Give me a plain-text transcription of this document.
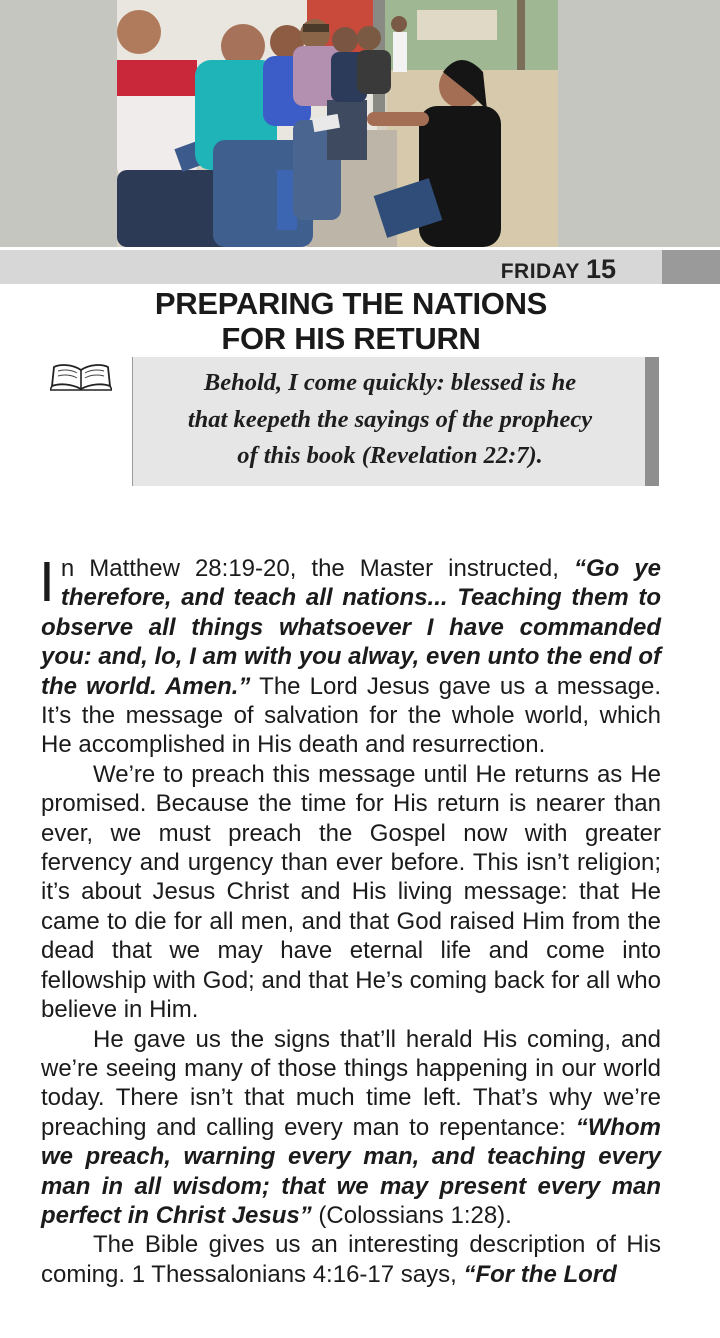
FRIDAY 15
PREPARING THE NATIONS
FOR HIS RETURN
Behold, I come quickly: blessed is he
that keepeth the sayings of the prophecy
of this book (Revelation 22:7).

In Matthew 28:19-20, the Master instructed, “Go ye therefore, and teach all nations... Teaching them to observe all things whatsoever I have commanded you: and, lo, I am with you alway, even unto the end of the world. Amen.” The Lord Jesus gave us a message. It’s the message of salvation for the whole world, which He accomplished in His death and resurrection.

We’re to preach this message until He returns as He promised. Because the time for His return is nearer than ever, we must preach the Gospel now with greater fervency and urgency than ever before. This isn’t religion; it’s about Jesus Christ and His living message: that He came to die for all men, and that God raised Him from the dead that we may have eternal life and come into fellowship with God; and that He’s coming back for all who believe in Him.

He gave us the signs that’ll herald His coming, and we’re seeing many of those things happening in our world today. There isn’t that much time left. That’s why we’re preaching and calling every man to repentance: “Whom we preach, warning every man, and teaching every man in all wisdom; that we may present every man perfect in Christ Jesus” (Colossians 1:28).

The Bible gives us an interesting description of His coming. 1 Thessalonians 4:16-17 says, “For the Lord
